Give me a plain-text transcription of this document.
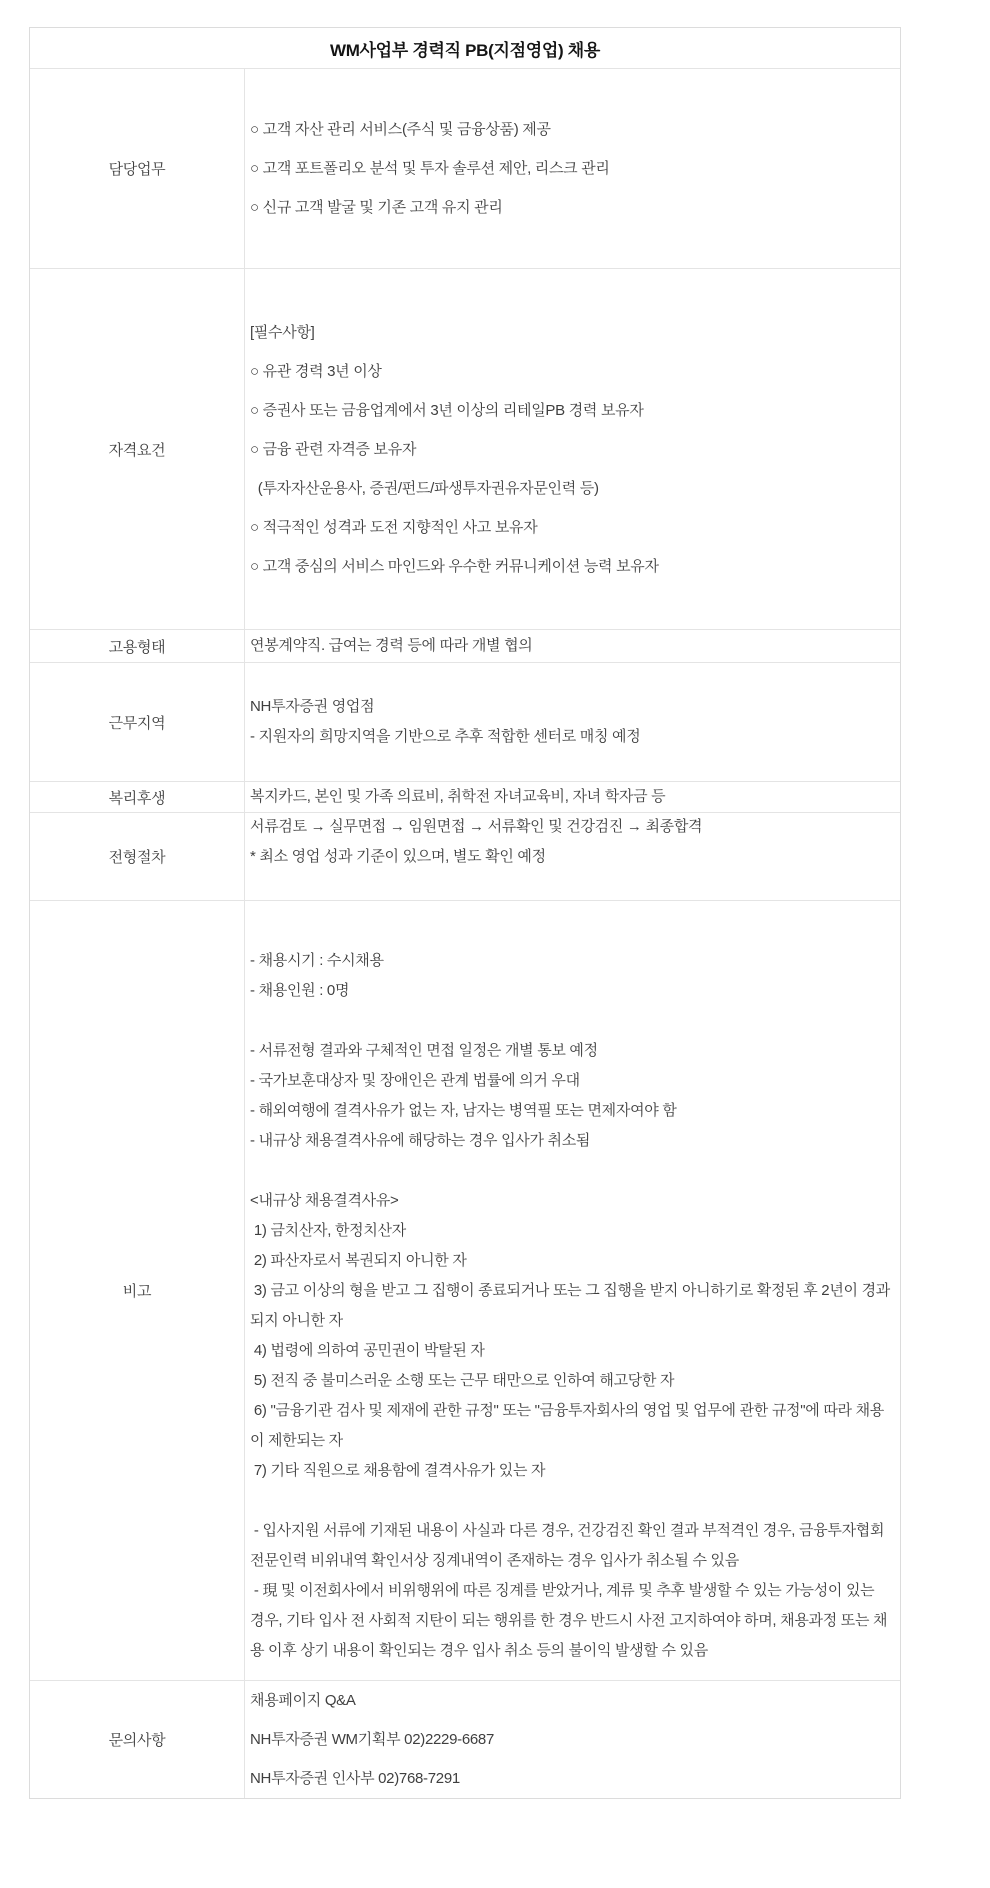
WM사업부 경력직 PB(지점영업) 채용
담당업무

○ 고객 자산 관리 서비스(주식 및 금융상품) 제공

○ 고객 포트폴리오 분석 및 투자 솔루션 제안, 리스크 관리

○ 신규 고객 발굴 및 기존 고객 유지 관리

자격요건

[필수사항]

○ 유관 경력 3년 이상

○ 증권사 또는 금융업계에서 3년 이상의 리테일PB 경력 보유자

○ 금융 관련 자격증 보유자

(투자자산운용사, 증권/펀드/파생투자권유자문인력 등)

○ 적극적인 성격과 도전 지향적인 사고 보유자

○ 고객 중심의 서비스 마인드와 우수한 커뮤니케이션 능력 보유자

고용형태	연봉계약직. 급여는 경력 등에 따라 개별 협의

근무지역

NH투자증권 영업점

- 지원자의 희망지역을 기반으로 추후 적합한 센터로 매칭 예정

복리후생	복지카드, 본인 및 가족 의료비, 취학전 자녀교육비, 자녀 학자금 등

전형절차

서류검토 → 실무면접 → 임원면접 → 서류확인 및 건강검진 → 최종합격

* 최소 영업 성과 기준이 있으며, 별도 확인 예정

비고

- 채용시기 : 수시채용

- 채용인원 : 0명

- 서류전형 결과와 구체적인 면접 일정은 개별 통보 예정

- 국가보훈대상자 및 장애인은 관계 법률에 의거 우대

- 해외여행에 결격사유가 없는 자, 남자는 병역필 또는 면제자여야 함

- 내규상 채용결격사유에 해당하는 경우 입사가 취소됨

<내규상 채용결격사유>

1) 금치산자, 한정치산자

2) 파산자로서 복권되지 아니한 자

3) 금고 이상의 형을 받고 그 집행이 종료되거나 또는 그 집행을 받지 아니하기로 확정된 후 2년이 경과되지 아니한 자

4) 법령에 의하여 공민권이 박탈된 자

5) 전직 중 불미스러운 소행 또는 근무 태만으로 인하여 해고당한 자

6) "금융기관 검사 및 제재에 관한 규정" 또는 "금융투자회사의 영업 및 업무에 관한 규정"에 따라 채용이 제한되는 자

7) 기타 직원으로 채용함에 결격사유가 있는 자

- 입사지원 서류에 기재된 내용이 사실과 다른 경우, 건강검진 확인 결과 부적격인 경우, 금융투자협회 전문인력 비위내역 확인서상 징계내역이 존재하는 경우 입사가 취소될 수 있음

- 現 및 이전회사에서 비위행위에 따른 징계를 받았거나, 계류 및 추후 발생할 수 있는 가능성이 있는 경우, 기타 입사 전 사회적 지탄이 되는 행위를 한 경우 반드시 사전 고지하여야 하며, 채용과정 또는 채용 이후 상기 내용이 확인되는 경우 입사 취소 등의 불이익 발생할 수 있음

문의사항

채용페이지 Q&A

NH투자증권 WM기획부 02)2229-6687

NH투자증권 인사부 02)768-7291
